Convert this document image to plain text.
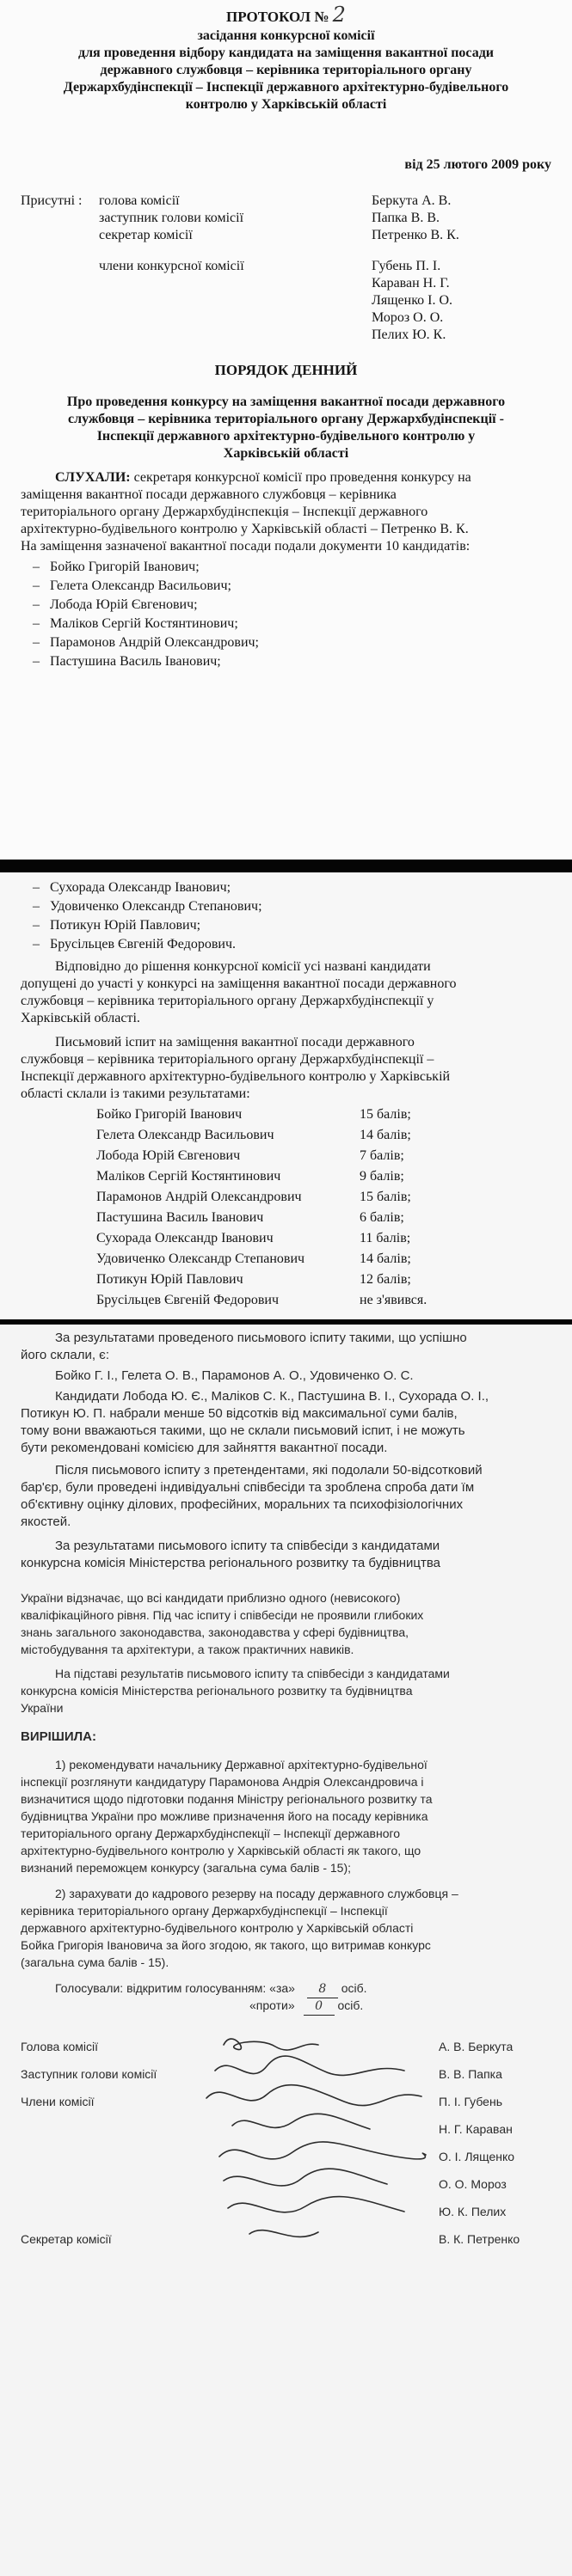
ПРОТОКОЛ № 2
засідання конкурсної комісії
для проведення відбору кандидата на заміщення вакантної посади
державного службовця – керівника територіального органу
Держархбудінспекції – Інспекції державного архітектурно-будівельного
контролю у Харківській області
від 25 лютого 2009 року
Присутні : голова комісії	Беркута А. В.
заступник голови комісії	Папка В. В.
секретар комісії	Петренко В. К.
члени конкурсної комісії	Губень П. І.
Караван Н. Г.
Лященко І. О.
Мороз О. О.
Пелих Ю. К.
ПОРЯДОК ДЕННИЙ
Про проведення конкурсу на заміщення вакантної посади державного
службовця – керівника територіального органу Держархбудінспекції -
Інспекції державного архітектурно-будівельного контролю у
Харківській області
СЛУХАЛИ: секретаря конкурсної комісії про проведення конкурсу на
заміщення вакантної посади державного службовця – керівника
територіального органу Держархбудінспекція – Інспекції державного
архітектурно-будівельного контролю у Харківській області – Петренко В. К.
На заміщення зазначеної вакантної посади подали документи 10 кандидатів:
– Бойко Григорій Іванович;
– Гелета Олександр Васильович;
– Лобода Юрій Євгенович;
– Маліков Сергій Костянтинович;
– Парамонов Андрій Олександрович;
– Пастушина Василь Іванович;
– Сухорада Олександр Іванович;
– Удовиченко Олександр Степанович;
– Потикун Юрій Павлович;
– Брусільцев Євгеній Федорович.
Відповідно до рішення конкурсної комісії усі названі кандидати
допущені до участі у конкурсі на заміщення вакантної посади державного
службовця – керівника територіального органу Держархбудінспекції у
Харківській області.
Письмовий іспит на заміщення вакантної посади державного
службовця – керівника територіального органу Держархбудінспекції –
Інспекції державного архітектурно-будівельного контролю у Харківській
області склали із такими результатами:
Бойко Григорій Іванович	15 балів;
Гелета Олександр Васильович	14 балів;
Лобода Юрій Євгенович	7 балів;
Маліков Сергій Костянтинович	9 балів;
Парамонов Андрій Олександрович	15 балів;
Пастушина Василь Іванович	6 балів;
Сухорада Олександр Іванович	11 балів;
Удовиченко Олександр Степанович	14 балів;
Потикун Юрій Павлович	12 балів;
Брусільцев Євгеній Федорович	не з'явився.
За результатами проведеного письмового іспиту такими, що успішно
його склали, є:
Бойко Г. І., Гелета О. В., Парамонов А. О., Удовиченко О. С.
Кандидати Лобода Ю. Є., Маліков С. К., Пастушина В. І., Сухорада О. І.,
Потикун Ю. П. набрали менше 50 відсотків від максимальної суми балів,
тому вони вважаються такими, що не склали письмовий іспит, і не можуть
бути рекомендовані комісією для зайняття вакантної посади.
Після письмового іспиту з претендентами, які подолали 50-відсотковий
бар'єр, були проведені індивідуальні співбесіди та зроблена спроба дати їм
об'єктивну оцінку ділових, професійних, моральних та психофізіологічних
якостей.
За результатами письмового іспиту та співбесіди з кандидатами
конкурсна комісія Міністерства регіонального розвитку та будівництва
України відзначає, що всі кандидати приблизно одного (невисокого)
кваліфікаційного рівня. Під час іспиту і співбесіди не проявили глибоких
знань загального законодавства, законодавства у сфері будівництва,
містобудування та архітектури, а також практичних навиків.
На підставі результатів письмового іспиту та співбесіди з кандидатами
конкурсна комісія Міністерства регіонального розвитку та будівництва
України
ВИРІШИЛА:
1) рекомендувати начальнику Державної архітектурно-будівельної
інспекції розглянути кандидатуру Парамонова Андрія Олександровича і
визначитися щодо підготовки подання Міністру регіонального розвитку та
будівництва України про можливе призначення його на посаду керівника
територіального органу Держархбудінспекції – Інспекції державного
архітектурно-будівельного контролю у Харківській області як такого, що
визнаний переможцем конкурсу (загальна сума балів - 15);
2) зарахувати до кадрового резерву на посаду державного службовця –
керівника територіального органу Держархбудінспекції – Інспекції
державного архітектурно-будівельного контролю у Харківській області
Бойка Григорія Івановича за його згодою, як такого, що витримав конкурс
(загальна сума балів - 15).
Голосували: відкритим голосуванням: «за» 8 осіб.
«проти» 0 осіб.
Голова комісії	А. В. Беркута
Заступник голови комісії	В. В. Папка
Члени комісії	П. І. Губень
Н. Г. Караван
О. І. Лященко
О. О. Мороз
Ю. К. Пелих
Секретар комісії	В. К. Петренко
